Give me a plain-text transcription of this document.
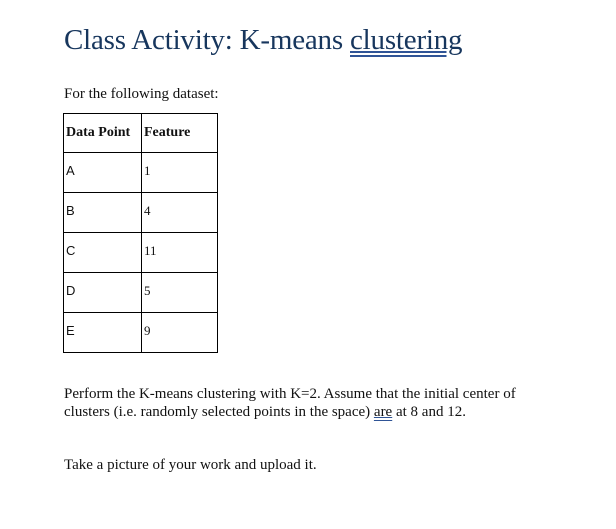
Class Activity: K-means clustering
For the following dataset:
Data Point	Feature
A	1
B	4
C	11
D	5
E	9
Perform the K-means clustering with K=2. Assume that the initial center of clusters (i.e. randomly selected points in the space) are at 8 and 12.
Take a picture of your work and upload it.
